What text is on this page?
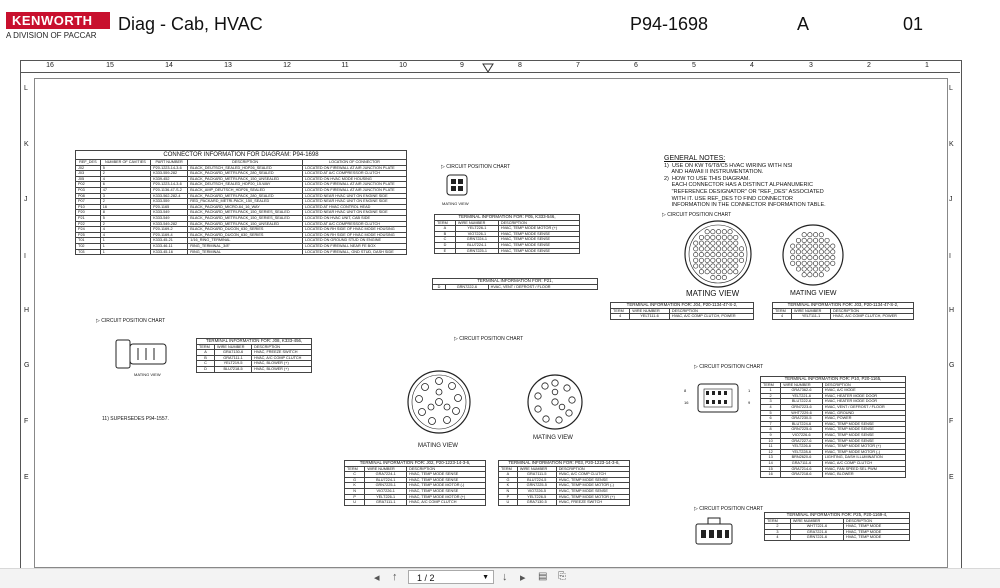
KENWORTH
A DIVISION OF PACCAR
Diag - Cab, HVAC	P94-1698	A	01
16	15	14	13	12	11	10	9	8	7	6	5	4	3	2	1
L
K
J
I
H
G
F
E
L
K
J
I
H
G
F
E
CONNECTOR INFORMATION FOR DIAGRAM: P94-1698				
REF_DES	NUMBER OF CAVITIES	PART NUMBER	DESCRIPTION	LOCATION OF CONNECTOR
J02	5	P20-1223-14-3-6	BLACK_DEUTSCH_SEALED_HDP26_SEALED	LOCATED ON FIREWALL AT AIR JUNCTION PLATE
J03	2	K333-559-282	BLACK_PACKARD_METRI-PACK_280_SEALED	LOCATED AT A/C COMPRESSOR CLUTCH
J05	4	K339-452	BLACK_PACKARD_METRI-PACK_150_UNSEALED	LOCATED ON HVAC MODE HOUSING
P02	6	P20-1223-14-3-6	BLACK_DEUTSCH_SEALED_HDP20_15-WAY	LOCATED ON FIREWALL AT AIR JUNCTION PLATE
P03	47	P20-1136-47-S-2	BLACK_AMP_DEUTSCH_HDP26_SEALED	LOCATED ON FIREWALL AT AIR JUNCTION PLATE
P08	3	K333-562-282-4	BLACK_PACKARD_METRI-PACK_280_SEALED	LOCATED NEAR HVAC UNIT ON ENGINE SIDE
P07	2	K333-559	RED_PACKARD_METRI-PACK_150_SEALED	LOCATED NEAR HVAC UNIT ON ENGINE SIDE
P10	16	P20-1165	BLACK_PACKARD_MICRO-64_16_WAY	LOCATED AT HVAC CONTROL HEAD
P20	8	K333-549	BLACK_PACKARD_METRI-PACK_150_SERIES_SEALED	LOCATED NEAR HVAC UNIT ON ENGINE SIDE
P21	5	K333-549	BLACK_PACKARD_METRI-PACK_150_SERIES_SEALED	LOCATED ON HVAC UNIT, CAB SIDE
P22	2	K333-549-282	BLACK_PACKARD_METRI-PACK_150_UNSEALED	LOCATED AT A/C COMPRESSOR CLUTCH
P24	4	P20-1169-2	BLACK_PACKARD_DUCON_630_SERIES	LOCATED ON RH SIDE OF HVAC MODE HOUSING
P25	4	P20-1169-4	BLACK_PACKARD_DUCON_630_SERIES	LOCATED ON RH SIDE OF HVAC MODE HOUSING
T01	1	K333-45-21	1/16_RING_TERMINAL	LOCATED ON GROUND STUD ON ENGINE
T02	1	K333-46-11	RING_TERMINAL_3/8"	LOCATED ON FIREWALL NEAR FE BOX
T03	1	K333-45-16	RING_TERMINAL	LOCATED ON FIREWALL, GND STUD, DASH SIDE
▷ CIRCUIT POSITION CHART
▷ CIRCUIT POSITION CHART
▷ CIRCUIT POSITION CHART
▷ CIRCUIT POSITION CHART
▷ CIRCUIT POSITION CHART
▷ CIRCUIT POSITION CHART
MATING VIEW
MATING VIEW
MATING VIEW
MATING VIEW
MATING VIEW	MATING VIEW
8
16
1
9
GENERAL NOTES:
1)  USE ON KW T6/T8/C5 HVAC WIRING WITH NSI
AND HAWAII II INSTRUMENTATION.
2)  HOW TO USE THIS DIAGRAM.
EACH CONNECTOR HAS A DISTINCT ALPHANUMERIC
"REFERENCE DESIGNATOR" OR "REF_DES" ASSOCIATED
WITH IT. USE REF_DES TO FIND CONNECTOR
INFORMATION IN THE CONNECTOR INFORMATION TABLE.
11) SUPERSEDES P94-1557.
TERMINAL INFORMATION FOR: P05, K333-546,		
TERM	WIRE NUMBER	DESCRIPTION
A	YELT226-1	HVAC, TEMP MODE MOTOR (+)
B	VIO7226-1	HVAC, TEMP MODE SENSE
C	GRN7224-1	HVAC, TEMP MODE SENSE
D	BLU7224-1	HVAC, TEMP MODE SENSE
E	GRN7225-1	HVAC, TEMP MODE SENSE
TERMINAL INFORMATION FOR: P21,
D	GRN7222-6	HVAC, VENT / DEFROST / FLOOR
TERMINAL INFORMATION FOR: J08, K333-456,		
TERM	WIRE NUMBER	DESCRIPTION
A	GRA7130-6	HVAC, FREEZE SWITCH
B	GRA7111-1	HVAC, A/C COMP CLUTCH
C	YELT219-5	HVAC, BLOWER (+)
D	BLU7218-5	HVAC, BLOWER (+)
TERMINAL INFORMATION FOR: J04, P20-1134-47-S-2,		
TERM	WIRE NUMBER	DESCRIPTION
4	YELT111-6	HVAC, A/C COMP CLUTCH, POWER
TERMINAL INFORMATION FOR: J03, P20-1134-47-S-2,		
TERM	WIRE NUMBER	DESCRIPTION
4	YELT111-1	HVAC, A/C COMP CLUTCH, POWER
TERMINAL INFORMATION FOR: J02, P20-1223-14-3-6,		
TERM	WIRE NUMBER	DESCRIPTION
C	GRA7224-1	HVAC, TEMP MODE SENSE
G	BLU7224-1	HVAC, TEMP MODE SENSE
K	GRN7225-1	HVAC, TEMP MODE MOTOR (-)
N	VIO7226-1	HVAC, TEMP MODE SENSE
P	YELT226-1	HVAC, TEMP MODE MOTOR (+)
U	GRA7111-1	HVAC, A/C COMP CLUTCH
TERMINAL INFORMATION FOR: P03, P20-1223-14-3-6,		
TERM	WIRE NUMBER	DESCRIPTION
A	GRA7111-5	HVAC, A/C COMP CLUTCH
G	BLU7224-5	HVAC, TEMP MODE SENSE
K	GRN7225-5	HVAC, TEMP MODE MOTOR (-)
N	VIO7226-5	HVAC, TEMP MODE SENSE
P	YELT226-5	HVAC, TEMP MODE MOTOR (+)
U	GRA7130-5	HVAC, FREEZE SWITCH
TERMINAL INFORMATION FOR: P10, P20-1165,		
TERM	WIRE NUMBER	DESCRIPTION
1	GRA7362-6	HVAC, A/C MODE
2	YELT221-6	HVAC, HEATER MODE DOOR
3	BLU7222-6	HVAC, HEATER MODE DOOR
4	GRN7223-6	HVAC, VENT / DEFROST / FLOOR
5	WHT7229-6	HVAC, GROUND
6	GRA7230-5	HVAC, POWER
7	BLU7224-6	HVAC, TEMP MODE SENSE
8	GRN7225-6	HVAC, TEMP MODE SENSE
9	VIO7226-6	HVAC, TEMP MODE SENSE
10	GRA7227-6	HVAC, TEMP MODE SENSE
11	YELT226-6	HVAC, TEMP MODE MOTOR (+)
12	YELT228-6	HVAC, TEMP MODE MOTOR (-)
13	BRN2620-6	LIGHTING, DASH ILLUMINATION
14	GRA7111-6	HVAC, A/C COMP CLUTCH
15	GRA7214-6	HVAC, FAN SPEED SEL PWM
16	GRA7218-6	HVAC, BLOWER
TERMINAL INFORMATION FOR: P25, P20-1169-4,		
TERM	WIRE NUMBER	DESCRIPTION
2	WHT7221-6	HVAC, TEMP MODE
3	GRA7221-6	HVAC, TEMP MODE
4	GRN7221-6	HVAC, TEMP MODE
◂ ↑	1 / 2	▼ ↓ ▸ ▤ ⎘
